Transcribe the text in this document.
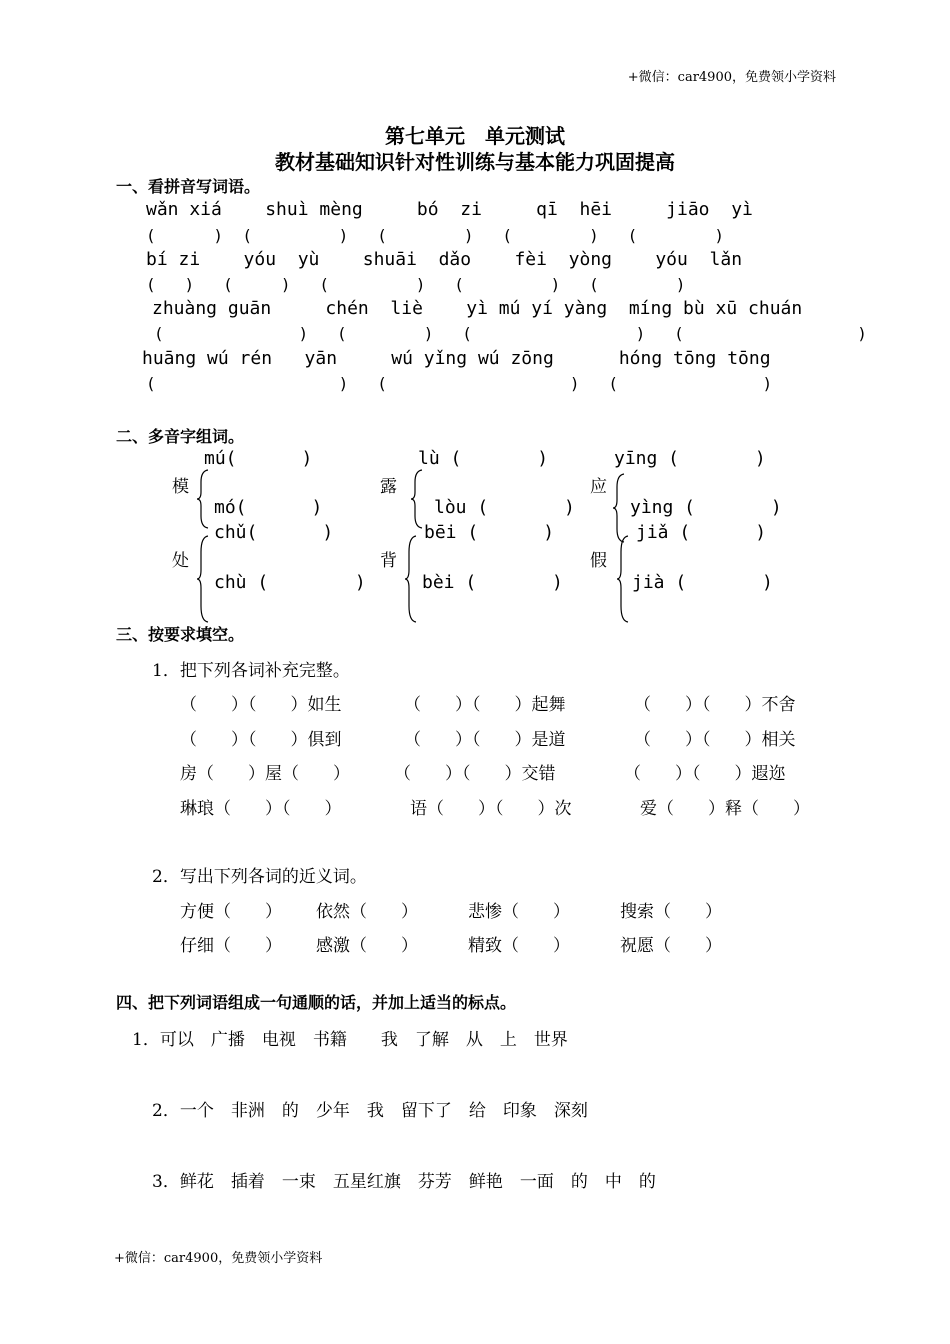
+微信：car4900，免费领小学资料
第七单元　单元测试
教材基础知识针对性训练与基本能力巩固提高
一、看拼音写词语。
wǎn xiá    shuì mèng     bó  zi     qī  hēi     jiāo  yì
(      )  (         )   (        )   (        )   (        )
bí zi    yóu  yù    shuāi  dǎo    fèi  yòng    yóu  lǎn
(   )   (     )   (         )   (         )   (        )
zhuàng guān     chén  liè    yì mú yí yàng  míng bù xū chuán
(              )   (        )   (                 )   (                  )
huāng wú rén   yān     wú yǐng wú zōng      hóng tōng tōng
(                   )   (                   )   (               )
二、多音字组词。
mú(      )
模
mó(      )
lù (       )
露
lòu (       )
yīng (       )
应
yìng (       )
chǔ(      )
处
chù (        )
bēi (      )
背
bèi (       )
jiǎ (      )
假
jià (       )
三、按要求填空。
1．把下列各词补充完整。
（　　）（　　）如生	（　　）（　　）起舞	（　　）（　　）不舍
（　　）（　　）俱到	（　　）（　　）是道	（　　）（　　）相关
房（　　）屋（　　）	（　　）（　　）交错	（　　）（　　）遐迩
琳琅（　　）（　　）	语（　　）（　　）次	爱（　　）释（　　）
2．写出下列各词的近义词。
方便（　　） 依然（　　）	悲惨（　　）	搜索（　　）
仔细（　　） 感激（　　）	精致（　　）	祝愿（　　）
四、把下列词语组成一句通顺的话，并加上适当的标点。
1．可以　广播　电视　书籍　　我　了解　从　上　世界
2．一个　非洲　的　少年　我　留下了　给　印象　深刻
3．鲜花　插着　一束　五星红旗　芬芳　鲜艳　一面　的　中　的
+微信：car4900，免费领小学资料
